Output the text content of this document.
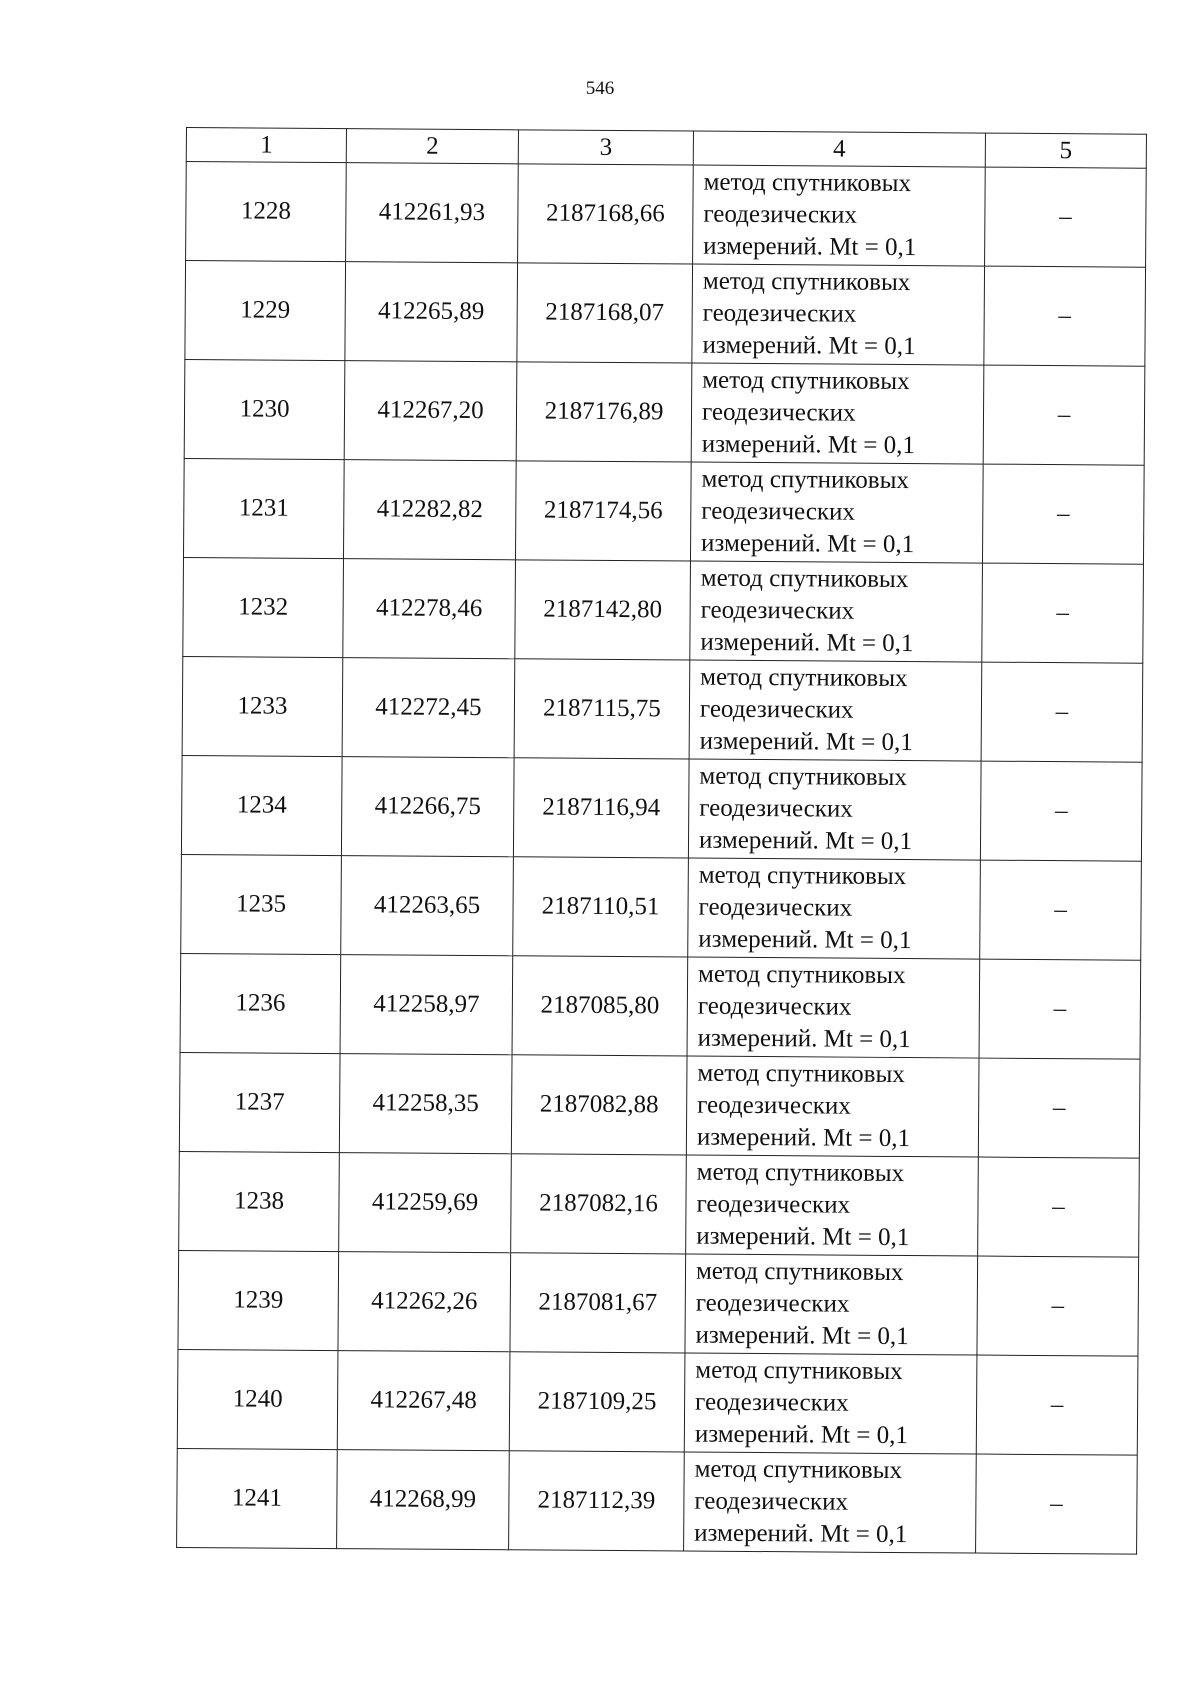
546
1	2	3	4	5
1228	412261,93	2187168,66	метод спутниковых
геодезических
измерений. Mt = 0,1	–
1229	412265,89	2187168,07	метод спутниковых
геодезических
измерений. Mt = 0,1	–
1230	412267,20	2187176,89	метод спутниковых
геодезических
измерений. Mt = 0,1	–
1231	412282,82	2187174,56	метод спутниковых
геодезических
измерений. Mt = 0,1	–
1232	412278,46	2187142,80	метод спутниковых
геодезических
измерений. Mt = 0,1	–
1233	412272,45	2187115,75	метод спутниковых
геодезических
измерений. Mt = 0,1	–
1234	412266,75	2187116,94	метод спутниковых
геодезических
измерений. Mt = 0,1	–
1235	412263,65	2187110,51	метод спутниковых
геодезических
измерений. Mt = 0,1	–
1236	412258,97	2187085,80	метод спутниковых
геодезических
измерений. Mt = 0,1	–
1237	412258,35	2187082,88	метод спутниковых
геодезических
измерений. Mt = 0,1	–
1238	412259,69	2187082,16	метод спутниковых
геодезических
измерений. Mt = 0,1	–
1239	412262,26	2187081,67	метод спутниковых
геодезических
измерений. Mt = 0,1	–
1240	412267,48	2187109,25	метод спутниковых
геодезических
измерений. Mt = 0,1	–
1241	412268,99	2187112,39	метод спутниковых
геодезических
измерений. Mt = 0,1	–
